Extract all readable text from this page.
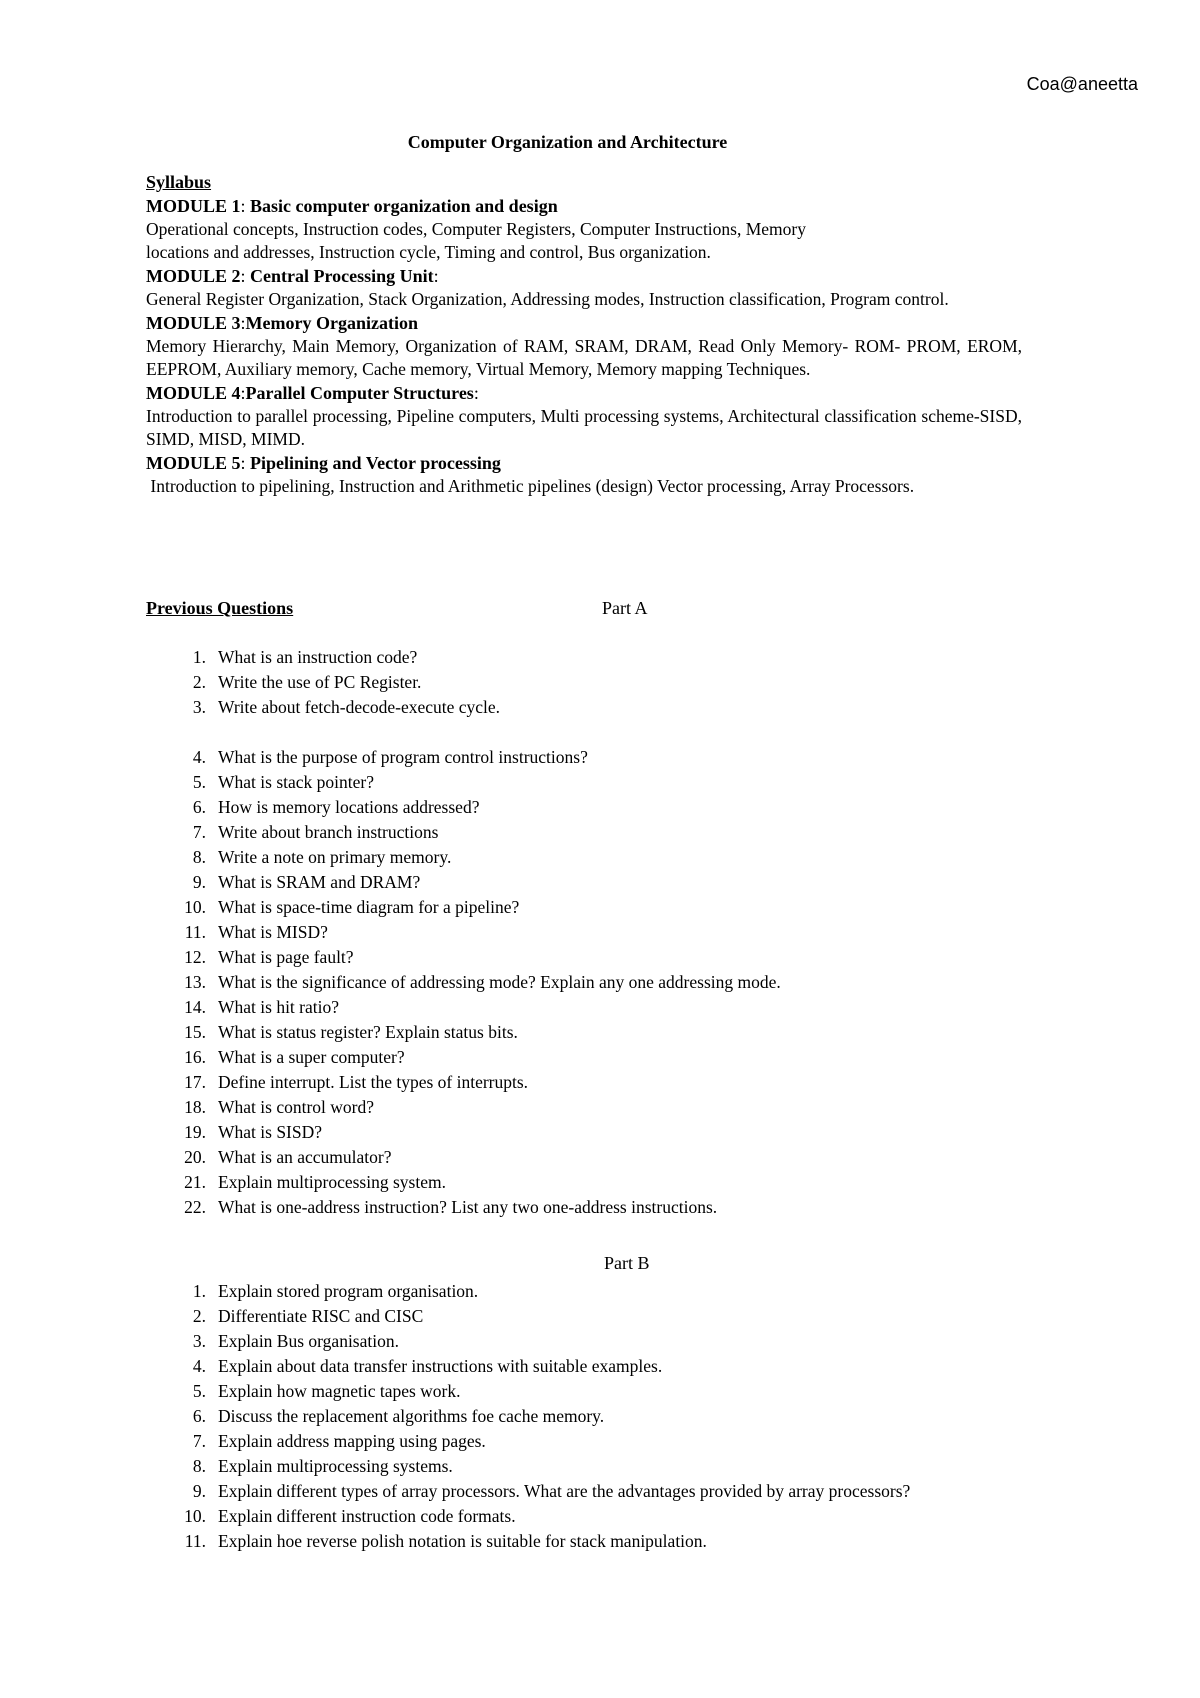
Coa@aneetta
Computer Organization and Architecture
Syllabus
MODULE 1: Basic computer organization and design
Operational concepts, Instruction codes, Computer Registers, Computer Instructions, Memory
locations and addresses, Instruction cycle, Timing and control, Bus organization.
MODULE 2: Central Processing Unit:
General Register Organization, Stack Organization, Addressing modes, Instruction classification, Program control.
MODULE 3:Memory Organization
Memory Hierarchy, Main Memory, Organization of RAM, SRAM, DRAM, Read Only Memory- ROM- PROM, EROM, EEPROM, Auxiliary memory, Cache memory, Virtual Memory, Memory mapping Techniques.
MODULE 4:Parallel Computer Structures:
Introduction to parallel processing, Pipeline computers, Multi processing systems, Architectural classification scheme-SISD, SIMD, MISD, MIMD.
MODULE 5: Pipelining and Vector processing
Introduction to pipelining, Instruction and Arithmetic pipelines (design) Vector processing, Array Processors.
Previous Questions	Part A
1. What is an instruction code?
2. Write the use of PC Register.
3. Write about fetch-decode-execute cycle.
4. What is the purpose of program control instructions?
5. What is stack pointer?
6. How is memory locations addressed?
7. Write about branch instructions
8. Write a note on primary memory.
9. What is SRAM and DRAM?
10. What is space-time diagram for a pipeline?
11. What is MISD?
12. What is page fault?
13. What is the significance of addressing mode? Explain any one addressing mode.
14. What is hit ratio?
15. What is status register? Explain status bits.
16. What is a super computer?
17. Define interrupt. List the types of interrupts.
18. What is control word?
19. What is SISD?
20. What is an accumulator?
21. Explain multiprocessing system.
22. What is one-address instruction? List any two one-address instructions.
Part B
1. Explain stored program organisation.
2. Differentiate RISC and CISC
3. Explain Bus organisation.
4. Explain about data transfer instructions with suitable examples.
5. Explain how magnetic tapes work.
6. Discuss the replacement algorithms foe cache memory.
7. Explain address mapping using pages.
8. Explain multiprocessing systems.
9. Explain different types of array processors. What are the advantages provided by array processors?
10. Explain different instruction code formats.
11. Explain hoe reverse polish notation is suitable for stack manipulation.
